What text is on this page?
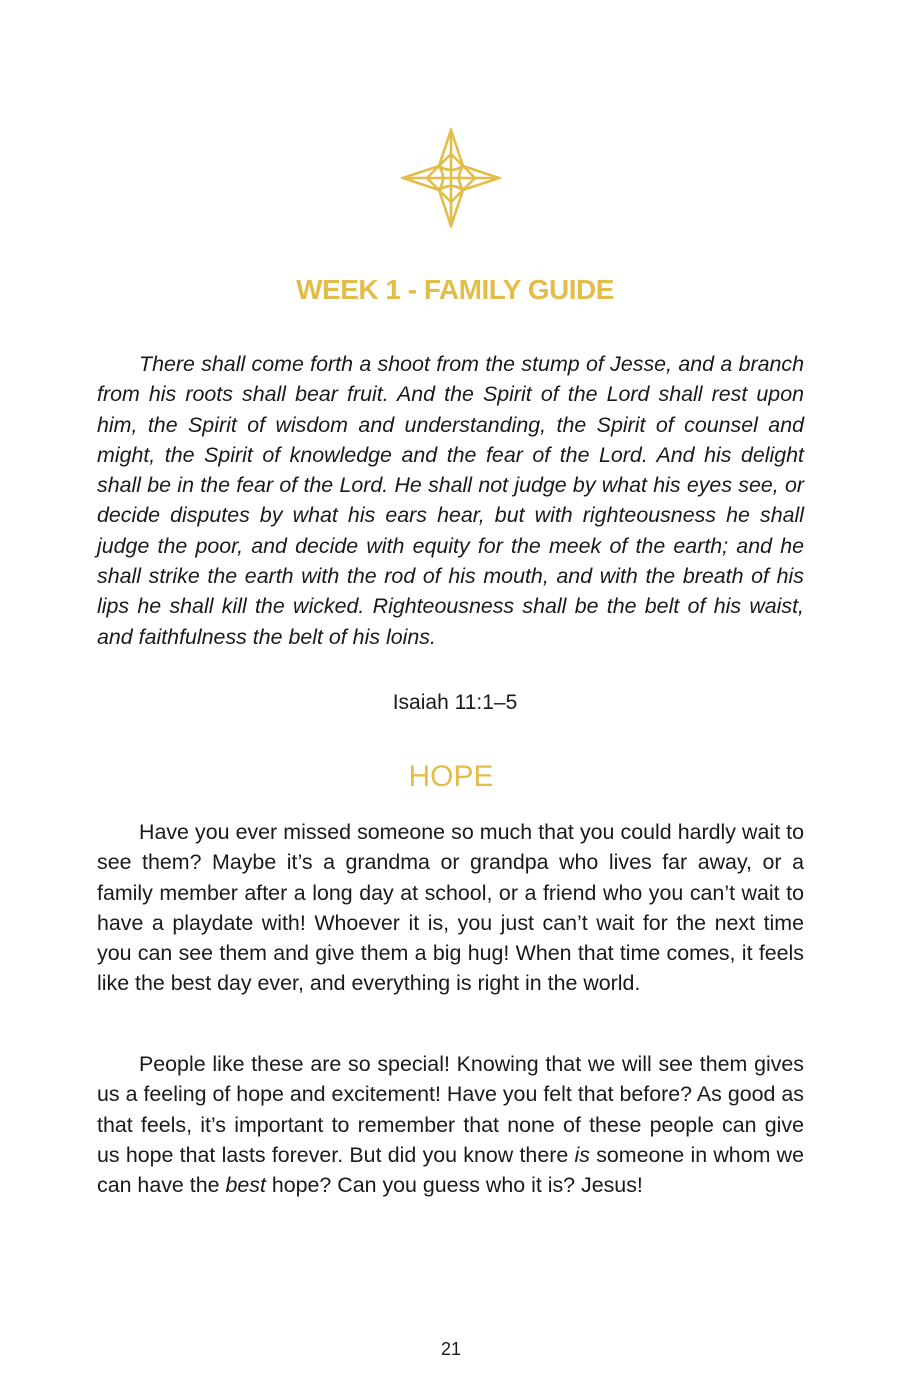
WEEK 1 - FAMILY GUIDE

There shall come forth a shoot from the stump of Jesse, and a branch from his roots shall bear fruit. And the Spirit of the Lord shall rest upon him, the Spirit of wisdom and understanding, the Spirit of counsel and might, the Spirit of knowledge and the fear of the Lord. And his delight shall be in the fear of the Lord. He shall not judge by what his eyes see, or decide disputes by what his ears hear, but with righteousness he shall judge the poor, and decide with equity for the meek of the earth; and he shall strike the earth with the rod of his mouth, and with the breath of his lips he shall kill the wicked. Righteousness shall be the belt of his waist, and faithfulness the belt of his loins.

Isaiah 11:1–5

HOPE

Have you ever missed someone so much that you could hardly wait to see them? Maybe it’s a grandma or grandpa who lives far away, or a family member after a long day at school, or a friend who you can’t wait to have a playdate with! Whoever it is, you just can’t wait for the next time you can see them and give them a big hug! When that time comes, it feels like the best day ever, and everything is right in the world.

People like these are so special! Knowing that we will see them gives us a feeling of hope and excitement! Have you felt that before? As good as that feels, it’s important to remember that none of these people can give us hope that lasts forever. But did you know there is someone in whom we can have the best hope? Can you guess who it is? Jesus!

21
